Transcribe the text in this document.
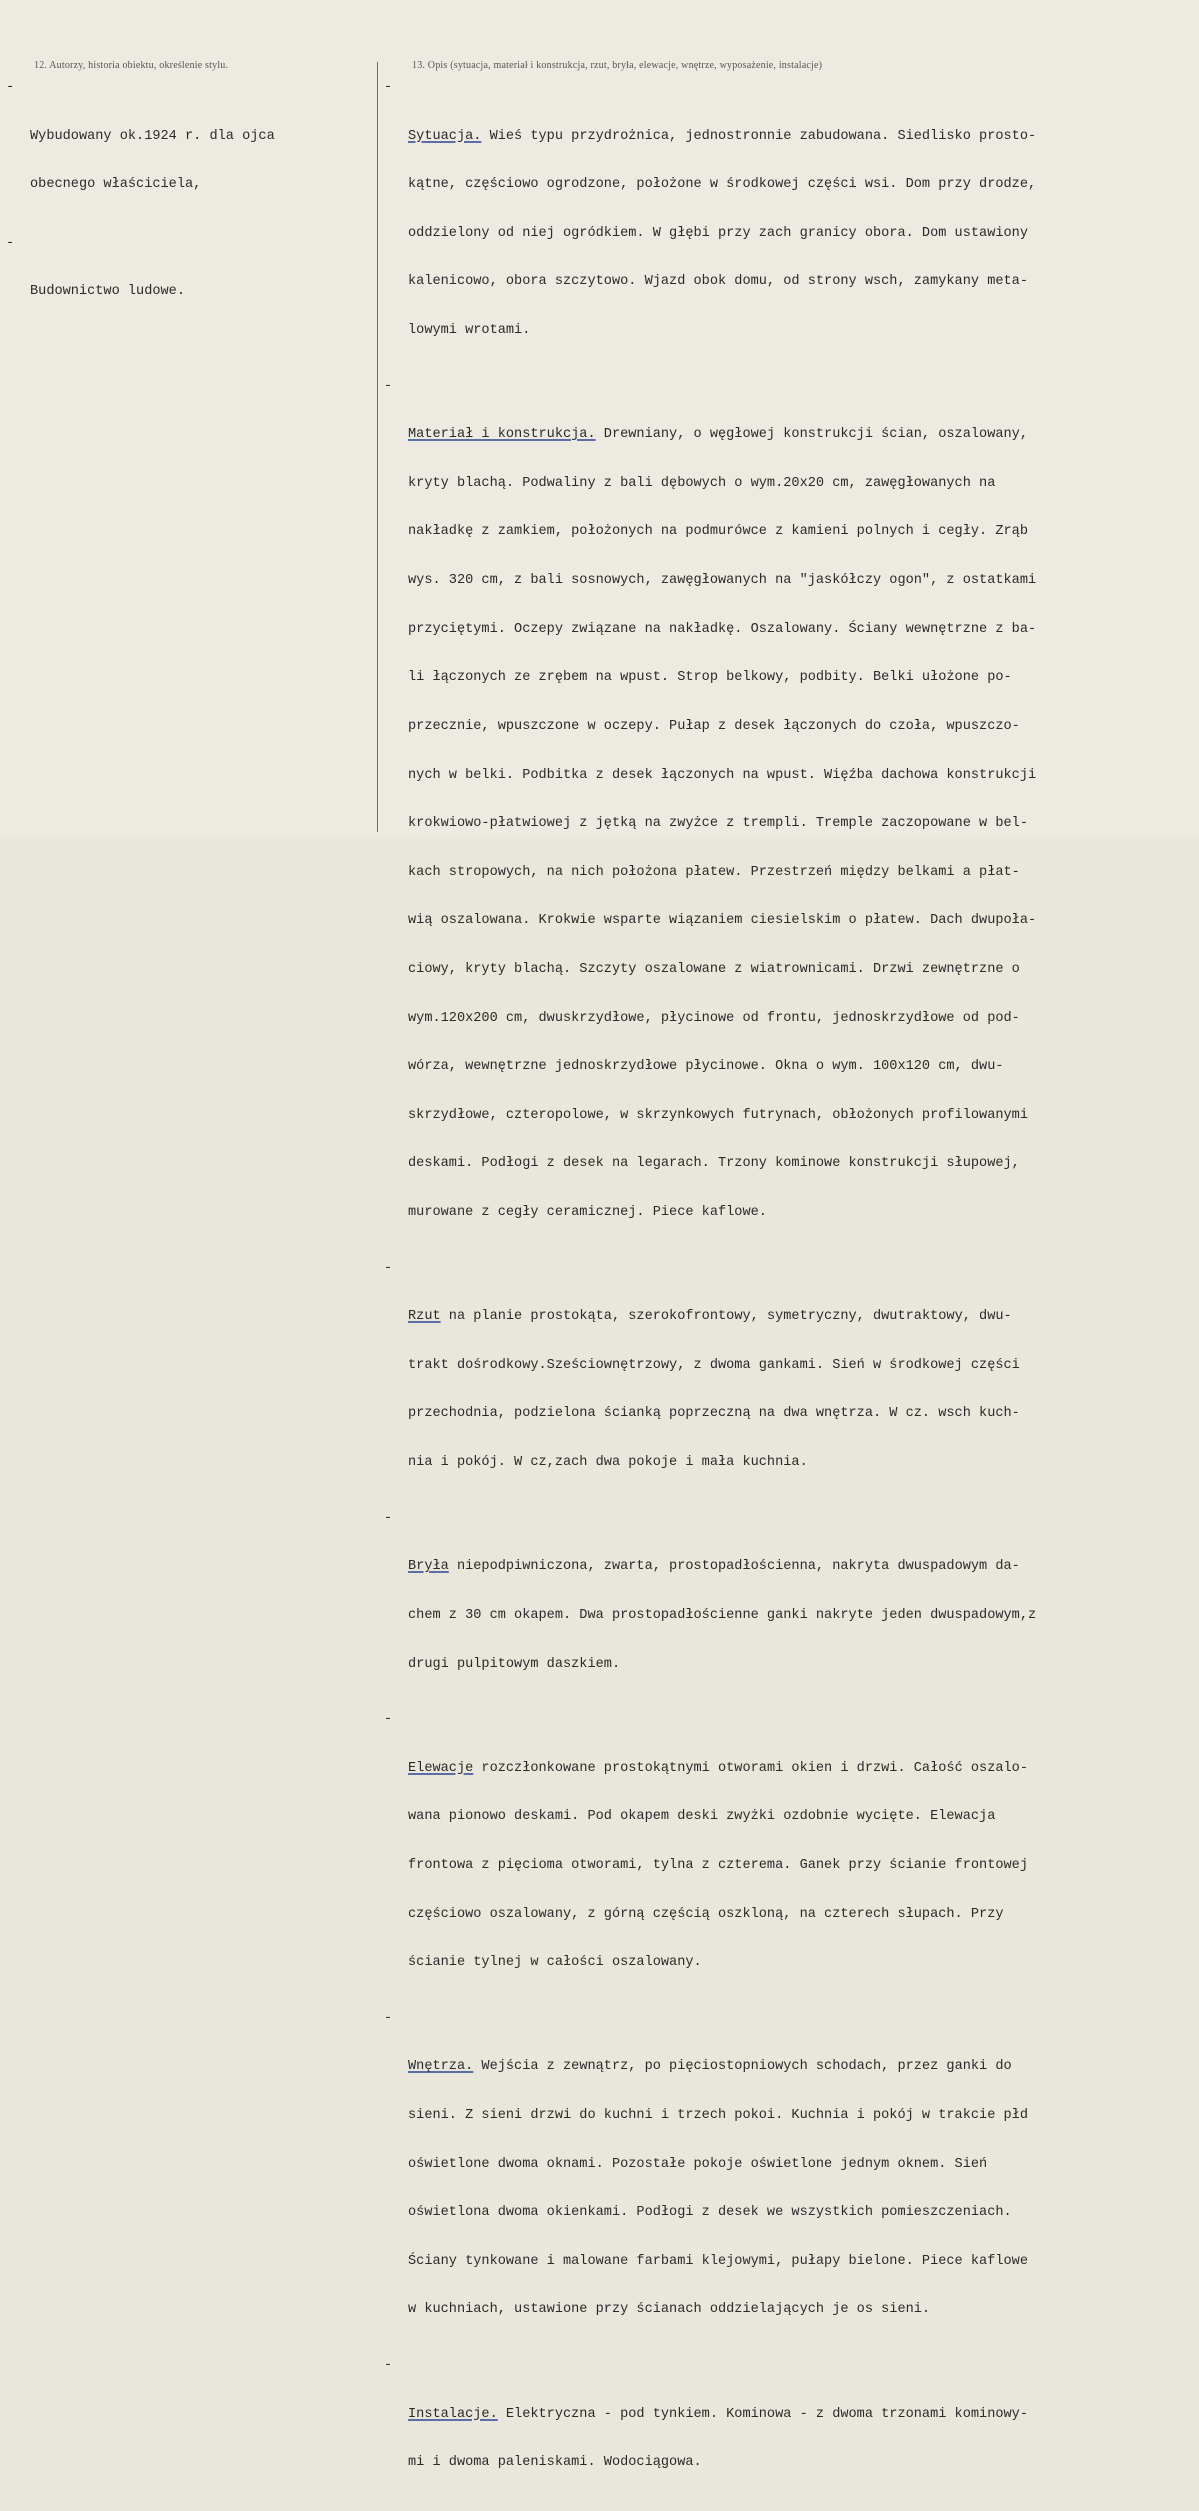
12. Autorzy, historia obiektu, określenie stylu.	13. Opis (sytuacja, materiał i konstrukcja, rzut, bryła, elewacje, wnętrze, wyposażenie, instalacje)

-

Wybudowany ok.1924 r. dla ojca

obecnego właściciela,

-

Budownictwo ludowe.

-

Sytuacja. Wieś typu przydrożnica, jednostronnie zabudowana. Siedlisko prosto-

kątne, częściowo ogrodzone, położone w środkowej części wsi. Dom przy drodze,

oddzielony od niej ogródkiem. W głębi przy zach granicy obora. Dom ustawiony

kalenicowo, obora szczytowo. Wjazd obok domu, od strony wsch, zamykany meta-

lowymi wrotami.

-

Materiał i konstrukcja. Drewniany, o węgłowej konstrukcji ścian, oszalowany,

kryty blachą. Podwaliny z bali dębowych o wym.20x20 cm, zawęgłowanych na

nakładkę z zamkiem, położonych na podmurówce z kamieni polnych i cegły. Zrąb

wys. 320 cm, z bali sosnowych, zawęgłowanych na "jaskółczy ogon", z ostatkami

przyciętymi. Oczepy związane na nakładkę. Oszalowany. Ściany wewnętrzne z ba-

li łączonych ze zrębem na wpust. Strop belkowy, podbity. Belki ułożone po-

przecznie, wpuszczone w oczepy. Pułap z desek łączonych do czoła, wpuszczo-

nych w belki. Podbitka z desek łączonych na wpust. Więźba dachowa konstrukcji

krokwiowo-płatwiowej z jętką na zwyżce z trempli. Tremple zaczopowane w bel-

kach stropowych, na nich położona płatew. Przestrzeń między belkami a płat-

wią oszalowana. Krokwie wsparte wiązaniem ciesielskim o płatew. Dach dwupoła-

ciowy, kryty blachą. Szczyty oszalowane z wiatrownicami. Drzwi zewnętrzne o

wym.120x200 cm, dwuskrzydłowe, płycinowe od frontu, jednoskrzydłowe od pod-

wórza, wewnętrzne jednoskrzydłowe płycinowe. Okna o wym. 100x120 cm, dwu-

skrzydłowe, czteropolowe, w skrzynkowych futrynach, obłożonych profilowanymi

deskami. Podłogi z desek na legarach. Trzony kominowe konstrukcji słupowej,

murowane z cegły ceramicznej. Piece kaflowe.

-

Rzut na planie prostokąta, szerokofrontowy, symetryczny, dwutraktowy, dwu-

trakt dośrodkowy.Sześciownętrzowy, z dwoma gankami. Sień w środkowej części

przechodnia, podzielona ścianką poprzeczną na dwa wnętrza. W cz. wsch kuch-

nia i pokój. W cz,zach dwa pokoje i mała kuchnia.

-

Bryła niepodpiwniczona, zwarta, prostopadłościenna, nakryta dwuspadowym da-

chem z 30 cm okapem. Dwa prostopadłościenne ganki nakryte jeden dwuspadowym,z

drugi pulpitowym daszkiem.

-

Elewacje rozczłonkowane prostokątnymi otworami okien i drzwi. Całość oszalo-

wana pionowo deskami. Pod okapem deski zwyżki ozdobnie wycięte. Elewacja

frontowa z pięcioma otworami, tylna z czterema. Ganek przy ścianie frontowej

częściowo oszalowany, z górną częścią oszkloną, na czterech słupach. Przy

ścianie tylnej w całości oszalowany.

-

Wnętrza. Wejścia z zewnątrz, po pięciostopniowych schodach, przez ganki do

sieni. Z sieni drzwi do kuchni i trzech pokoi. Kuchnia i pokój w trakcie płd

oświetlone dwoma oknami. Pozostałe pokoje oświetlone jednym oknem. Sień

oświetlona dwoma okienkami. Podłogi z desek we wszystkich pomieszczeniach.

Ściany tynkowane i malowane farbami klejowymi, pułapy bielone. Piece kaflowe

w kuchniach, ustawione przy ścianach oddzielających je os sieni.

-

Instalacje. Elektryczna - pod tynkiem. Kominowa - z dwoma trzonami kominowy-

mi i dwoma paleniskami. Wodociągowa.
